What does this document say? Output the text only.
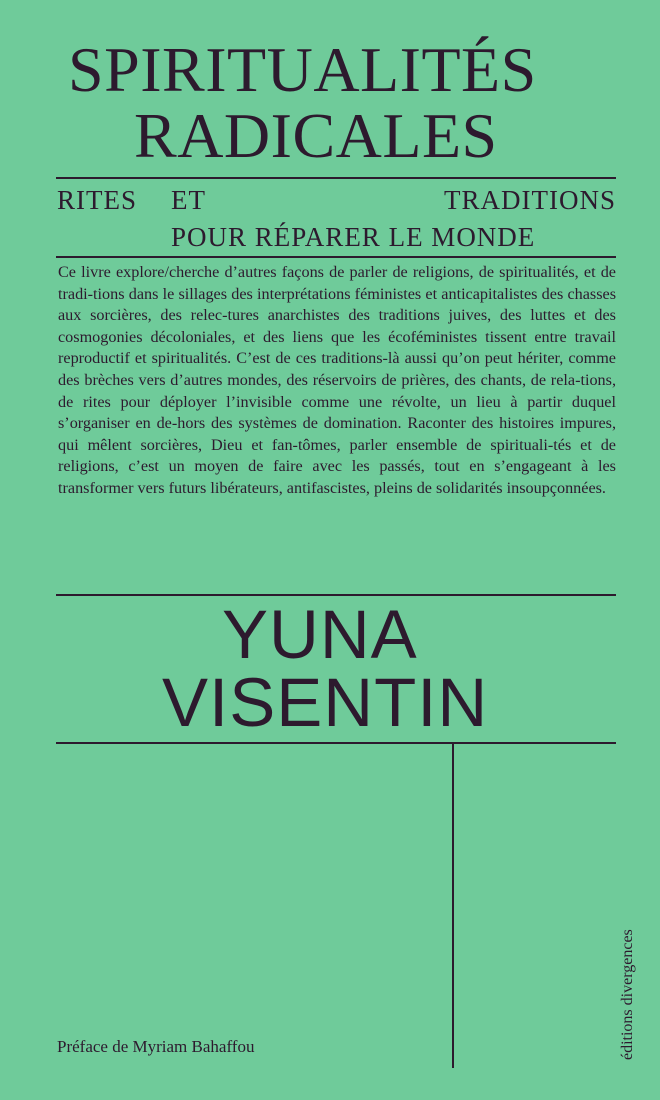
SPIRITUALITÉS
RADICALES
RITES ET	TRADITIONS
POUR RÉPARER LE MONDE

Ce livre explore/cherche d’autres façons de parler de religions, de spiritualités, et de tradi-tions dans le sillages des interprétations féministes et anticapitalistes des chasses aux sorcières, des relec-tures anarchistes des traditions juives, des luttes et des cosmogonies décoloniales, et des liens que les écoféministes tissent entre travail reproductif et spiritualités. C’est de ces traditions-là aussi qu’on peut hériter, comme des brèches vers d’autres mondes, des réservoirs de prières, des chants, de rela-tions, de rites pour déployer l’invisible comme une révolte, un lieu à partir duquel s’organiser en de-hors des systèmes de domination. Raconter des histoires impures, qui mêlent sorcières, Dieu et fan-tômes, parler ensemble de spirituali-tés et de religions, c’est un moyen de faire avec les passés, tout en s’engageant à les transformer vers futurs libérateurs, antifascistes, pleins de solidarités insoupçonnées.

YUNA
VISENTIN
éditions divergences
Préface de Myriam Bahaffou
